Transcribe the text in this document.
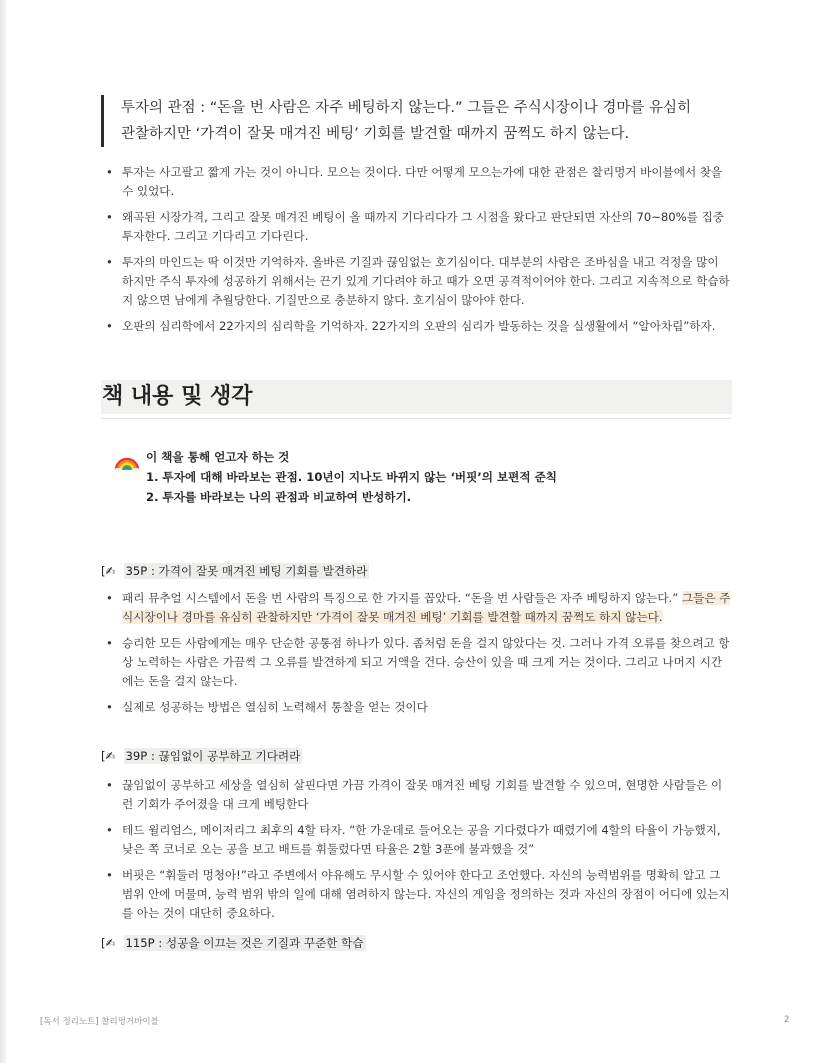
투자의 관점 : “돈을 번 사람은 자주 베팅하지 않는다.” 그들은 주식시장이나 경마를 유심히
관찰하지만 ‘가격이 잘못 매겨진 베팅’ 기회를 발견할 때까지 꿈쩍도 하지 않는다.
• 투자는 사고팔고 짧게 가는 것이 아니다. 모으는 것이다. 다만 어떻게 모으는가에 대한 관점은 찰리멍거 바이블에서 찾을 수 있었다.
• 왜곡된 시장가격, 그리고 잘못 매겨진 베팅이 올 때까지 기다리다가 그 시점을 왔다고 판단되면 자산의 70~80%를 집중 투자한다. 그리고 기다리고 기다린다.
• 투자의 마인드는 딱 이것만 기억하자. 올바른 기질과 끊임없는 호기심이다. 대부분의 사람은 조바심을 내고 걱정을 많이 하지만 주식 투자에 성공하기 위해서는 끈기 있게 기다려야 하고 때가 오면 공격적이어야 한다. 그리고 지속적으로 학습하지 않으면 남에게 추월당한다. 기질만으로 충분하지 않다. 호기심이 많아야 한다.
• 오판의 심리학에서 22가지의 심리학을 기억하자. 22가지의 오판의 심리가 발동하는 것을 실생활에서 “알아차림”하자.
책 내용 및 생각
이 책을 통해 얻고자 하는 것
1. 투자에 대해 바라보는 관점. 10년이 지나도 바뀌지 않는 ‘버핏’의 보편적 준칙
2. 투자를 바라보는 나의 관점과 비교하여 반성하기.
[✍ 35P : 가격이 잘못 매겨진 베팅 기회를 발견하라
• 패리 뮤추얼 시스템에서 돈을 번 사람의 특징으로 한 가지를 꼽았다. “돈을 번 사람들은 자주 베팅하지 않는다.” 그들은 주식시장이나 경마를 유심히 관찰하지만 ‘가격이 잘못 매겨진 베팅’ 기회를 발견할 때까지 꿈쩍도 하지 않는다.
• 승리한 모든 사람에게는 매우 단순한 공통점 하나가 있다. 좀처럼 돈을 걸지 않았다는 것. 그러나 가격 오류를 찾으려고 항상 노력하는 사람은 가끔씩 그 오류를 발견하게 되고 거액을 건다. 승산이 있을 때 크게 거는 것이다. 그리고 나머지 시간에는 돈을 걸지 않는다.
• 실제로 성공하는 방법은 열심히 노력해서 통찰을 얻는 것이다
[✍ 39P : 끊임없이 공부하고 기다려라
• 끊임없이 공부하고 세상을 열심히 살핀다면 가끔 가격이 잘못 매겨진 베팅 기회를 발견할 수 있으며, 현명한 사람들은 이런 기회가 주어졌을 대 크게 베팅한다
• 테드 윌리엄스, 메이저리그 최후의 4할 타자. “한 가운데로 들어오는 공을 기다렸다가 때렸기에 4할의 타율이 가능했지, 낮은 쪽 코너로 오는 공을 보고 배트를 휘둘렀다면 타율은 2할 3푼에 불과했을 것”
• 버핏은 “휘둘러 멍청아!”라고 주변에서 야유해도 무시할 수 있어야 한다고 조언했다. 자신의 능력범위를 명확히 알고 그 범위 안에 머물며, 능력 범위 밖의 일에 대해 염려하지 않는다. 자신의 게임을 정의하는 것과 자신의 장점이 어디에 있는지를 아는 것이 대단히 중요하다.
[✍ 115P : 성공을 이끄는 것은 기질과 꾸준한 학습
[독서 정리노트] 찰리멍거바이블	2
